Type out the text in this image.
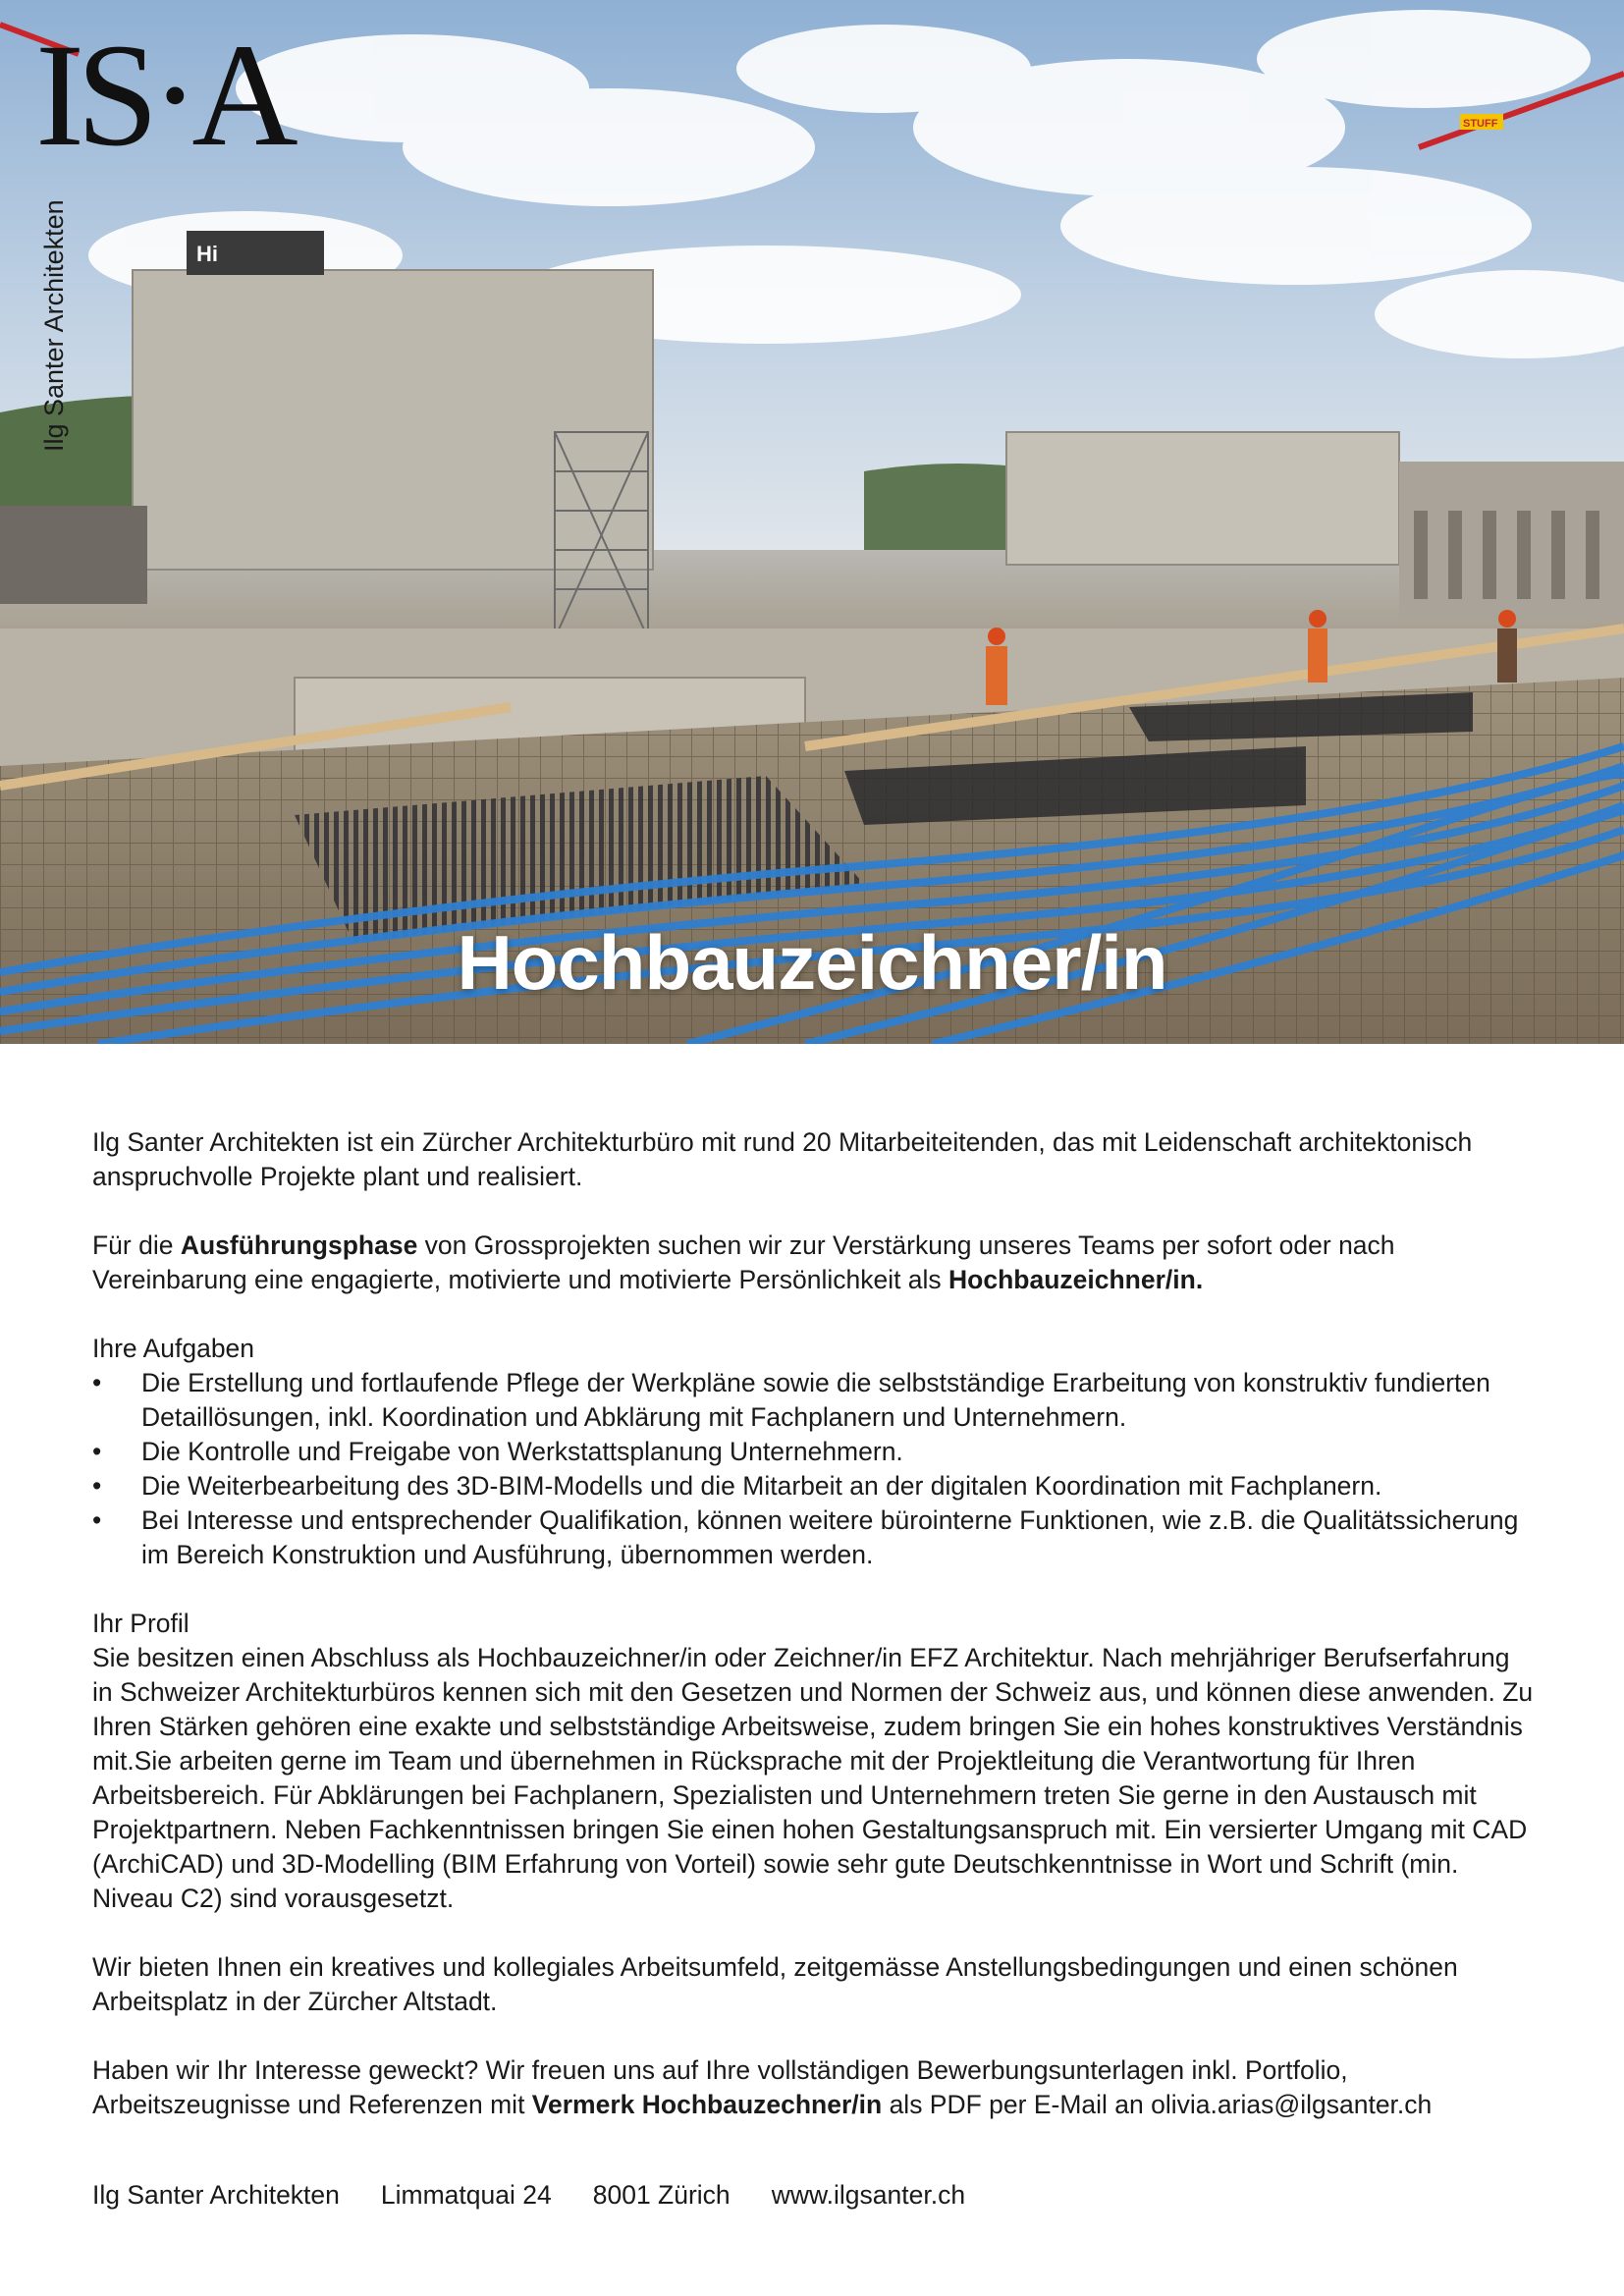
Hi
STUFF
IS·A

Ilg Santer Architekten

Hochbauzeichner/in

Ilg Santer Architekten ist ein Zürcher Architekturbüro mit rund 20 Mitarbeiteitenden, das mit Leidenschaft architektonisch anspruchvolle Projekte plant und realisiert.

Für die Ausführungsphase von Grossprojekten suchen wir zur Verstärkung unseres Teams per sofort oder nach Vereinbarung eine engagierte, motivierte und motivierte Persönlichkeit als Hochbauzeichner/in.

Ihre Aufgaben
• Die Erstellung und fortlaufende Pflege der Werkpläne sowie die selbstständige Erarbeitung von konstruktiv fundierten Detaillösungen, inkl. Koordination und Abklärung mit Fachplanern und Unternehmern.
• Die Kontrolle und Freigabe von Werkstattsplanung Unternehmern.
• Die Weiterbearbeitung des 3D-BIM-Modells und die Mitarbeit an der digitalen Koordination mit Fachplanern.
• Bei Interesse und entsprechender Qualifikation, können weitere bürointerne Funktionen, wie z.B. die Qualitätssicherung im Bereich Konstruktion und Ausführung, übernommen werden.
Ihr Profil

Sie besitzen einen Abschluss als Hochbauzeichner/in oder Zeichner/in EFZ Architektur. Nach mehrjähriger Berufserfahrung in Schweizer Architekturbüros kennen sich mit den Gesetzen und Normen der Schweiz aus, und können diese anwenden. Zu Ihren Stärken gehören eine exakte und selbstständige Arbeitsweise, zudem bringen Sie ein hohes konstruktives Verständnis mit.Sie arbeiten gerne im Team und übernehmen in Rücksprache mit der Projektleitung die Verantwortung für Ihren Arbeitsbereich. Für Abklärungen bei Fachplanern, Spezialisten und Unternehmern treten Sie gerne in den Austausch mit Projektpartnern. Neben Fachkenntnissen bringen Sie einen hohen Gestaltungsanspruch mit. Ein versierter Umgang mit CAD (ArchiCAD) und 3D-Modelling (BIM Erfahrung von Vorteil) sowie sehr gute Deutschkenntnisse in Wort und Schrift (min. Niveau C2) sind vorausgesetzt.

Wir bieten Ihnen ein kreatives und kollegiales Arbeitsumfeld, zeitgemässe Anstellungsbedingungen und einen schönen Arbeitsplatz in der Zürcher Altstadt.

Haben wir Ihr Interesse geweckt? Wir freuen uns auf Ihre vollständigen Bewerbungsunterlagen inkl. Portfolio, Arbeitszeugnisse und Referenzen mit Vermerk Hochbauzechner/in als PDF per E-Mail an olivia.arias@ilgsanter.ch

Ilg Santer Architekten Limmatquai 24 8001 Zürich www.ilgsanter.ch
